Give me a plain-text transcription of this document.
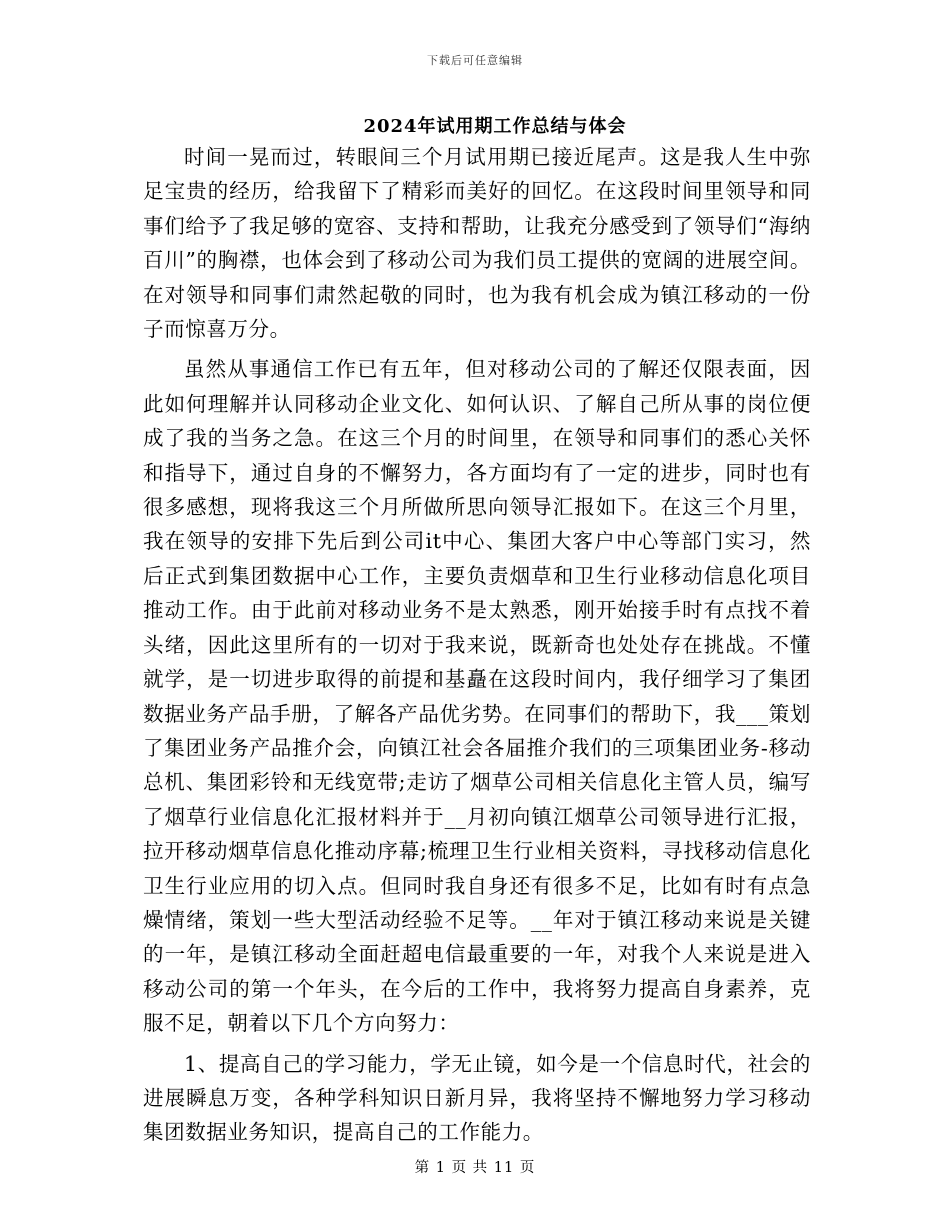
下载后可任意编辑
2024年试用期工作总结与体会

时间一晃而过，转眼间三个月试用期已接近尾声。这是我人生中弥足宝贵的经历，给我留下了精彩而美好的回忆。在这段时间里领导和同事们给予了我足够的宽容、支持和帮助，让我充分感受到了领导们“海纳百川”的胸襟，也体会到了移动公司为我们员工提供的宽阔的进展空间。在对领导和同事们肃然起敬的同时，也为我有机会成为镇江移动的一份子而惊喜万分。

虽然从事通信工作已有五年，但对移动公司的了解还仅限表面，因此如何理解并认同移动企业文化、如何认识、了解自己所从事的岗位便成了我的当务之急。在这三个月的时间里，在领导和同事们的悉心关怀和指导下，通过自身的不懈努力，各方面均有了一定的进步，同时也有很多感想，现将我这三个月所做所思向领导汇报如下。在这三个月里，我在领导的安排下先后到公司it中心、集团大客户中心等部门实习，然后正式到集团数据中心工作，主要负责烟草和卫生行业移动信息化项目推动工作。由于此前对移动业务不是太熟悉，刚开始接手时有点找不着头绪，因此这里所有的一切对于我来说，既新奇也处处存在挑战。不懂就学，是一切进步取得的前提和基矗在这段时间内，我仔细学习了集团数据业务产品手册，了解各产品优劣势。在同事们的帮助下，我___策划了集团业务产品推介会，向镇江社会各届推介我们的三项集团业务-移动总机、集团彩铃和无线宽带;走访了烟草公司相关信息化主管人员，编写了烟草行业信息化汇报材料并于__月初向镇江烟草公司领导进行汇报，拉开移动烟草信息化推动序幕;梳理卫生行业相关资料，寻找移动信息化卫生行业应用的切入点。但同时我自身还有很多不足，比如有时有点急燥情绪，策划一些大型活动经验不足等。__年对于镇江移动来说是关键的一年，是镇江移动全面赶超电信最重要的一年，对我个人来说是进入移动公司的第一个年头，在今后的工作中，我将努力提高自身素养，克服不足，朝着以下几个方向努力：

1、提高自己的学习能力，学无止镜，如今是一个信息时代，社会的进展瞬息万变，各种学科知识日新月异，我将坚持不懈地努力学习移动集团数据业务知识，提高自己的工作能力。

第 1 页 共 11 页
